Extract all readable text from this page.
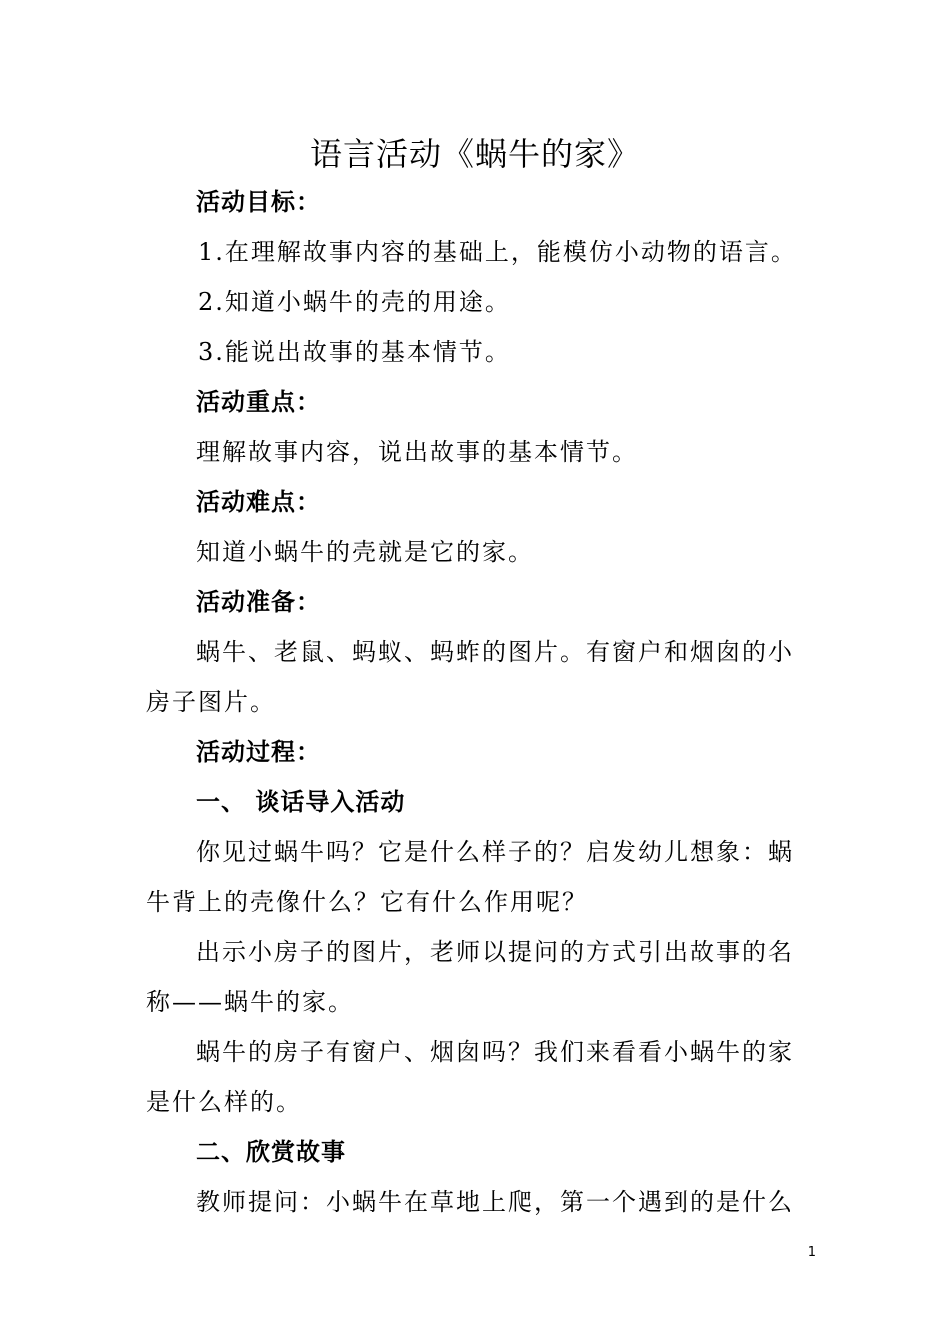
语言活动《蜗牛的家》
活动目标：
1.在理解故事内容的基础上，能模仿小动物的语言。
2.知道小蜗牛的壳的用途。
3.能说出故事的基本情节。
活动重点：
理解故事内容，说出故事的基本情节。
活动难点：
知道小蜗牛的壳就是它的家。
活动准备：
蜗牛、老鼠、蚂蚁、蚂蚱的图片。有窗户和烟囱的小
房子图片。
活动过程：
一、 谈话导入活动
你见过蜗牛吗？它是什么样子的？启发幼儿想象：蜗
牛背上的壳像什么？它有什么作用呢？
出示小房子的图片，老师以提问的方式引出故事的名
称——蜗牛的家。
蜗牛的房子有窗户、烟囱吗？我们来看看小蜗牛的家
是什么样的。
二、欣赏故事
教师提问：小蜗牛在草地上爬，第一个遇到的是什么
1
